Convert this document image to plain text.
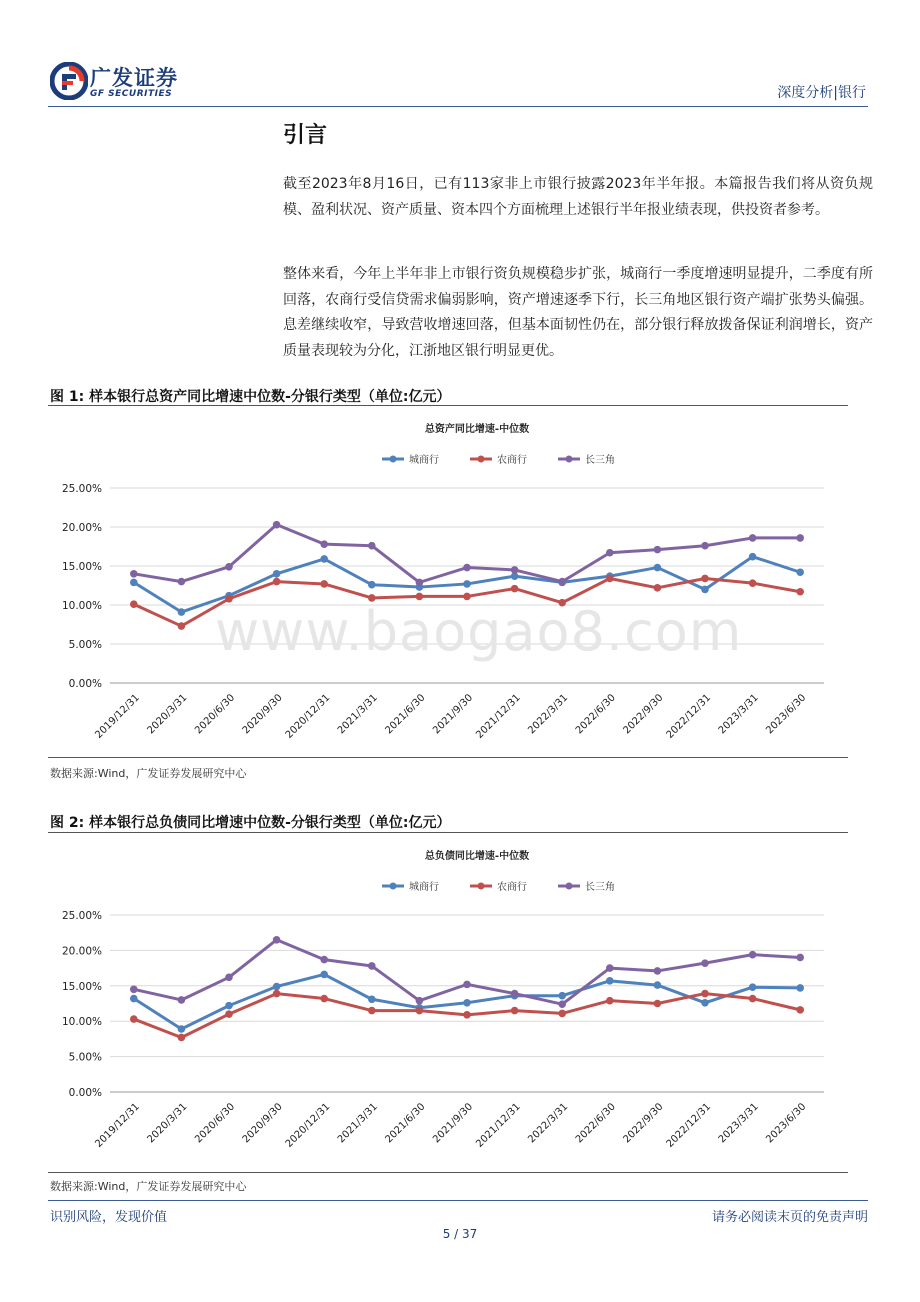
广发证券
GF SECURITIES	深度分析|银行
引言
截至2023年8月16日，已有113家非上市银行披露2023年半年报。本篇报告我们将从资负规模、盈利状况、资产质量、资本四个方面梳理上述银行半年报业绩表现，供投资者参考。
整体来看，今年上半年非上市银行资负规模稳步扩张，城商行一季度增速明显提升，二季度有所回落，农商行受信贷需求偏弱影响，资产增速逐季下行，长三角地区银行资产端扩张势头偏强。息差继续收窄，导致营收增速回落，但基本面韧性仍在，部分银行释放拨备保证利润增长，资产质量表现较为分化，江浙地区银行明显更优。
图 1: 样本银行总资产同比增速中位数-分银行类型（单位:亿元）
总资产同比增速-中位数
城商行	农商行	长三角
0.00%
5.00%
10.00%
15.00%
20.00%
25.00%
2019/12/31 2020/3/31 2020/6/30 2020/9/30 2020/12/31 2021/3/31 2021/6/30 2021/9/30 2021/12/31 2022/3/31 2022/6/30 2022/9/30 2022/12/31 2023/3/31 2023/6/30
数据来源:Wind，广发证券发展研究中心
图 2: 样本银行总负债同比增速中位数-分银行类型（单位:亿元）
总负债同比增速-中位数
城商行	农商行	长三角
0.00%
5.00%
10.00%
15.00%
20.00%
25.00%
2019/12/31 2020/3/31 2020/6/30 2020/9/30 2020/12/31 2021/3/31 2021/6/30 2021/9/30 2021/12/31 2022/3/31 2022/6/30 2022/9/30 2022/12/31 2023/3/31 2023/6/30
数据来源:Wind，广发证券发展研究中心
www.baogao8.com
识别风险，发现价值	请务必阅读末页的免责声明
5 / 37
